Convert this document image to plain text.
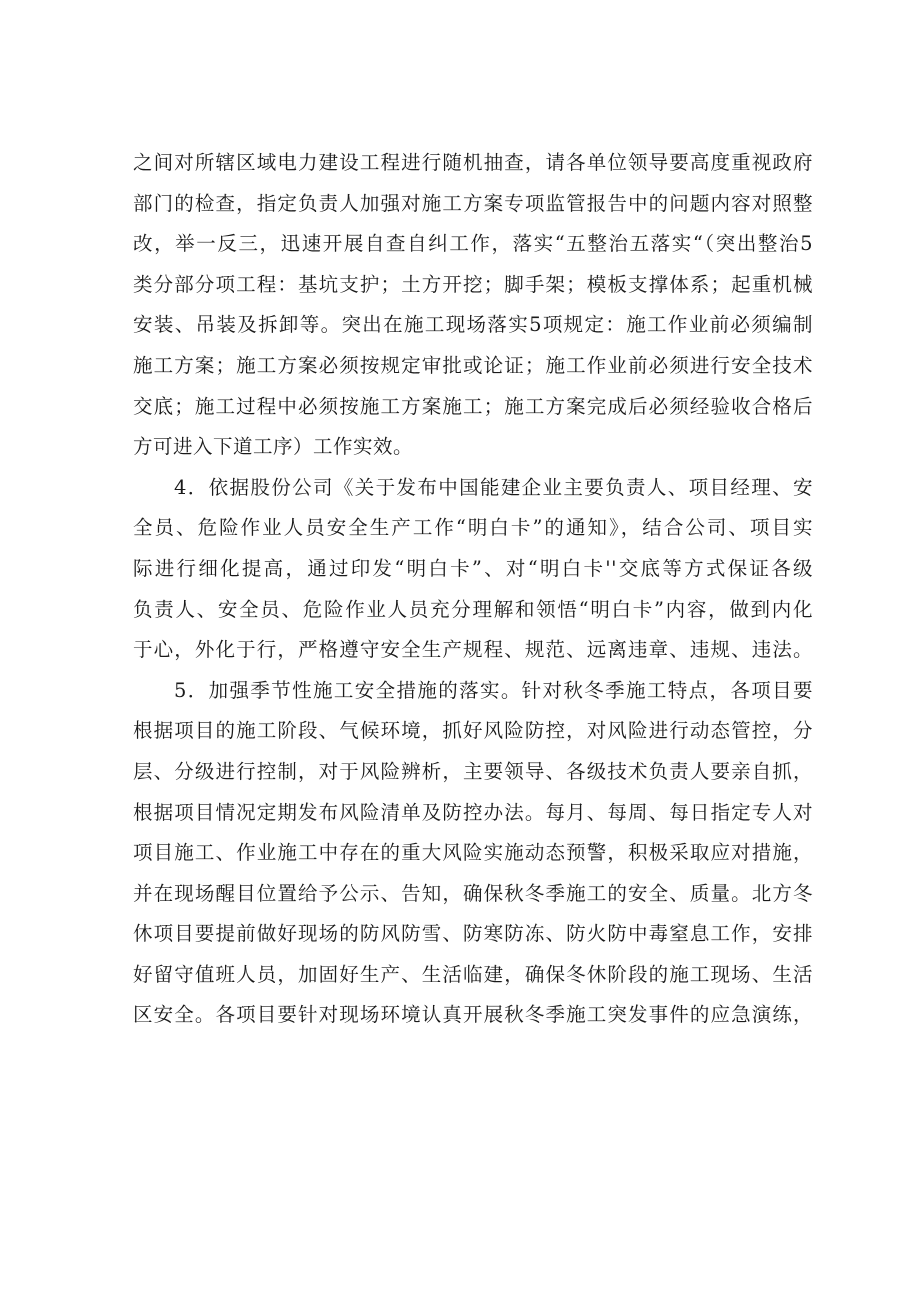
之间对所辖区域电力建设工程进行随机抽查，请各单位领导要高度重视政府
部门的检查，指定负责人加强对施工方案专项监管报告中的问题内容对照整
改，举一反三，迅速开展自查自纠工作，落实“五整治五落实“（突出整治5
类分部分项工程：基坑支护；土方开挖；脚手架；模板支撑体系；起重机械
安装、吊装及拆卸等。突出在施工现场落实5项规定：施工作业前必须编制
施工方案；施工方案必须按规定审批或论证；施工作业前必须进行安全技术
交底；施工过程中必须按施工方案施工；施工方案完成后必须经验收合格后
方可进入下道工序）工作实效。
4．依据股份公司《关于发布中国能建企业主要负责人、项目经理、安
全员、危险作业人员安全生产工作“明白卡”的通知》，结合公司、项目实
际进行细化提高，通过印发“明白卡”、对“明白卡''交底等方式保证各级
负责人、安全员、危险作业人员充分理解和领悟“明白卡”内容，做到内化
于心，外化于行，严格遵守安全生产规程、规范、远离违章、违规、违法。
5．加强季节性施工安全措施的落实。针对秋冬季施工特点，各项目要
根据项目的施工阶段、气候环境，抓好风险防控，对风险进行动态管控，分
层、分级进行控制，对于风险辨析，主要领导、各级技术负责人要亲自抓，
根据项目情况定期发布风险清单及防控办法。每月、每周、每日指定专人对
项目施工、作业施工中存在的重大风险实施动态预警，积极采取应对措施，
并在现场醒目位置给予公示、告知，确保秋冬季施工的安全、质量。北方冬
休项目要提前做好现场的防风防雪、防寒防冻、防火防中毒窒息工作，安排
好留守值班人员，加固好生产、生活临建，确保冬休阶段的施工现场、生活
区安全。各项目要针对现场环境认真开展秋冬季施工突发事件的应急演练，
